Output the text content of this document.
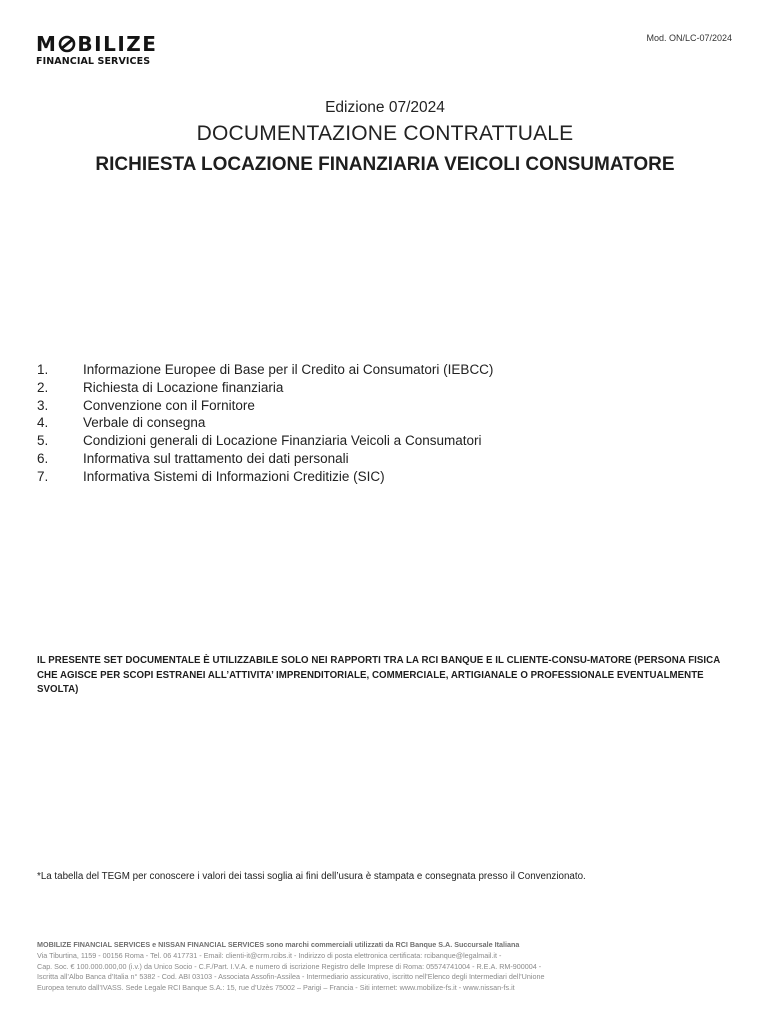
M BILIZE
FINANCIAL SERVICES
Mod. ON/LC-07/2024
Edizione 07/2024
DOCUMENTAZIONE CONTRATTUALE
RICHIESTA LOCAZIONE FINANZIARIA VEICOLI CONSUMATORE
1.	Informazione Europee di Base per il Credito ai Consumatori (IEBCC)
2.	Richiesta di Locazione finanziaria
3.	Convenzione con il Fornitore
4.	Verbale di consegna
5.	Condizioni generali di Locazione Finanziaria Veicoli a Consumatori
6.	Informativa sul trattamento dei dati personali
7.	Informativa Sistemi di Informazioni Creditizie (SIC)
IL PRESENTE SET DOCUMENTALE È UTILIZZABILE SOLO NEI RAPPORTI TRA LA RCI BANQUE E IL CLIENTE-CONSU-MATORE (PERSONA FISICA CHE AGISCE PER SCOPI ESTRANEI ALL’ATTIVITA’ IMPRENDITORIALE, COMMERCIALE, ARTIGIANALE O PROFESSIONALE EVENTUALMENTE SVOLTA)
*La tabella del TEGM per conoscere i valori dei tassi soglia ai fini dell’usura è stampata e consegnata presso il Convenzionato.
MOBILIZE FINANCIAL SERVICES e NISSAN FINANCIAL SERVICES sono marchi commerciali utilizzati da RCI Banque S.A. Succursale Italiana
Via Tiburtina, 1159 - 00156 Roma - Tel. 06 417731 - Email: clienti-it@crm.rcibs.it - Indirizzo di posta elettronica certificata: rcibanque@legalmail.it -
Cap. Soc. € 100.000.000,00 (i.v.) da Unico Socio - C.F./Part. I.V.A. e numero di iscrizione Registro delle Imprese di Roma: 05574741004 - R.E.A. RM-900004 -
Iscritta all’Albo Banca d’Italia n° 5382 - Cod. ABI 03103 - Associata Assofin-Assilea - Intermediario assicurativo, iscritto nell’Elenco degli Intermediari dell’Unione
Europea tenuto dall’IVASS. Sede Legale RCI Banque S.A.: 15, rue d’Uzès 75002 – Parigi – Francia - Siti internet: www.mobilize-fs.it - www.nissan-fs.it
